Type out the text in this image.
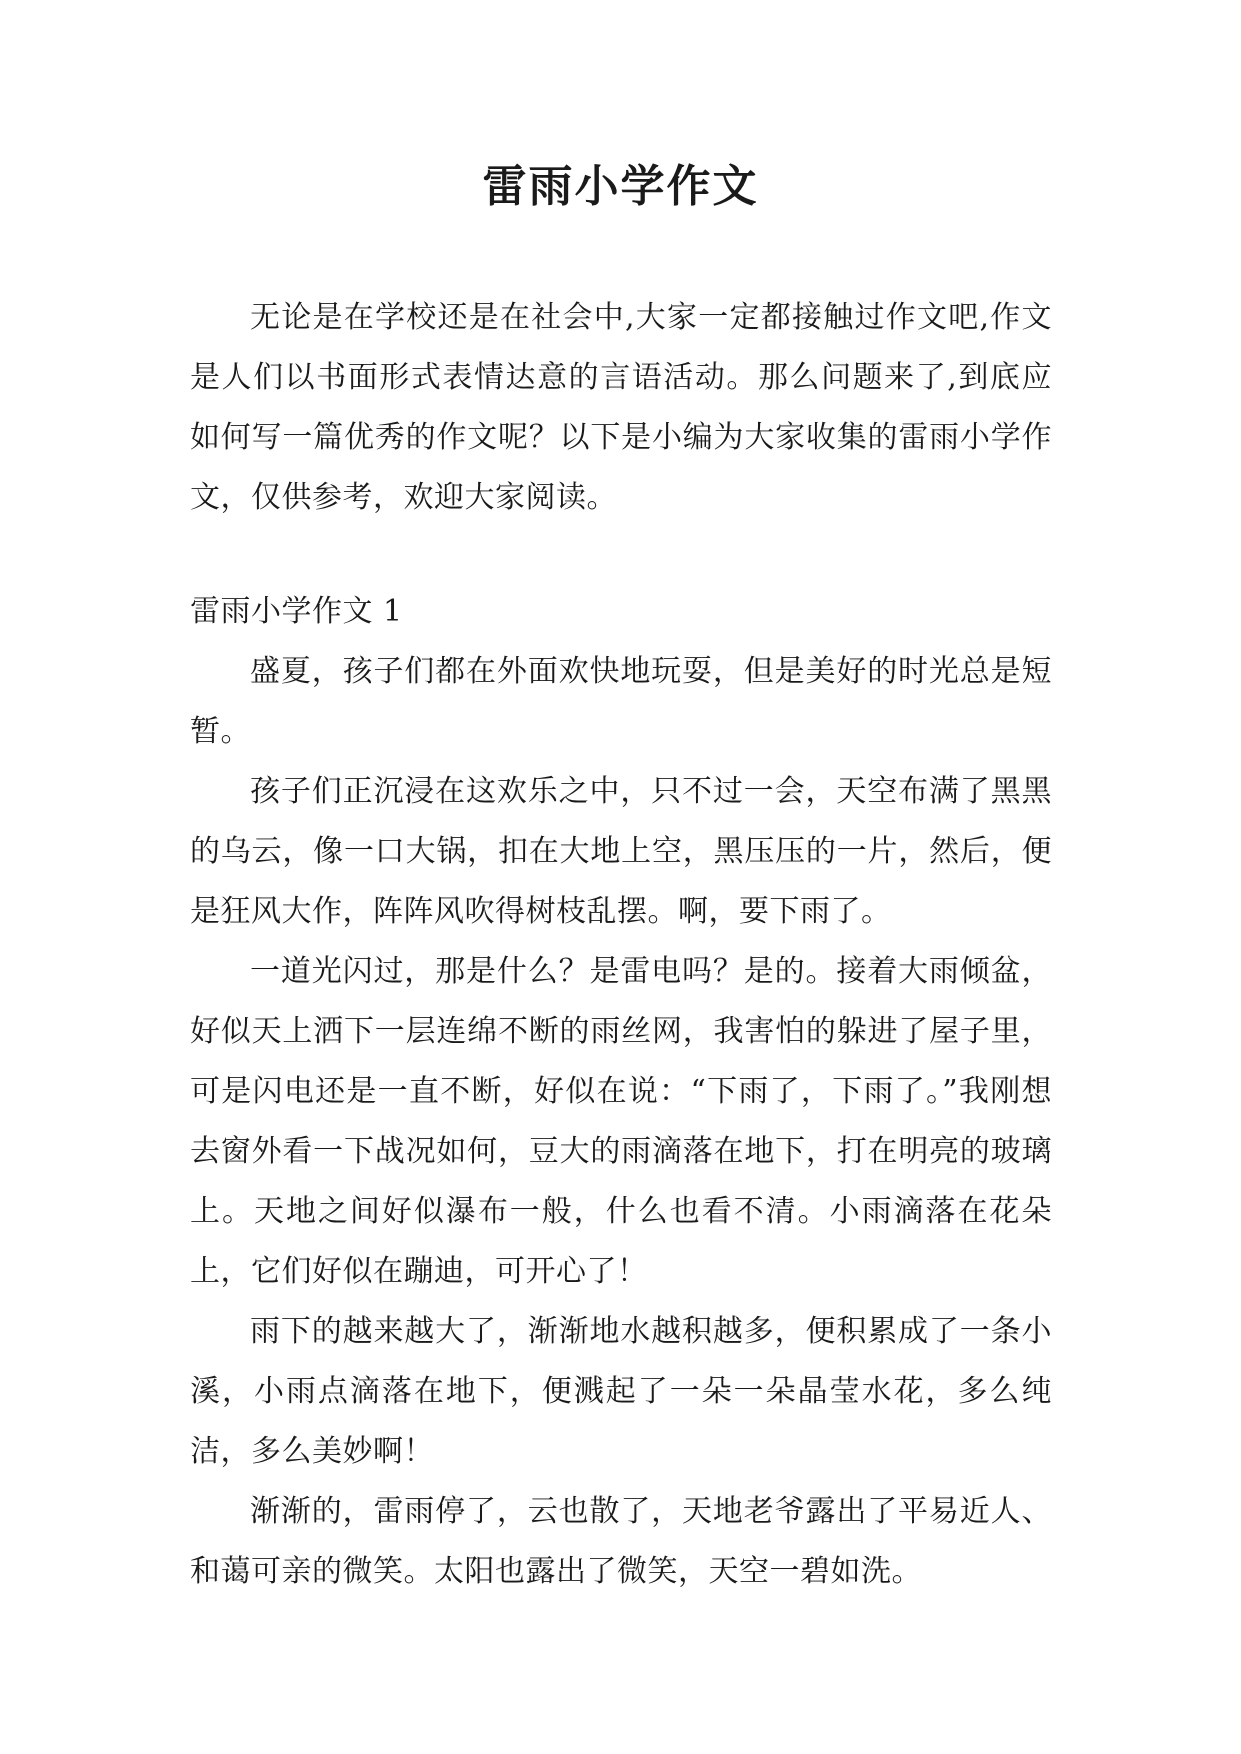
雷雨小学作文

无论是在学校还是在社会中,大家一定都接触过作文吧,作文是人们以书面形式表情达意的言语活动。那么问题来了,到底应如何写一篇优秀的作文呢？以下是小编为大家收集的雷雨小学作文，仅供参考，欢迎大家阅读。

雷雨小学作文 1

盛夏，孩子们都在外面欢快地玩耍，但是美好的时光总是短暂。

孩子们正沉浸在这欢乐之中，只不过一会，天空布满了黑黑的乌云，像一口大锅，扣在大地上空，黑压压的一片，然后，便是狂风大作，阵阵风吹得树枝乱摆。啊，要下雨了。

一道光闪过，那是什么？是雷电吗？是的。接着大雨倾盆，好似天上洒下一层连绵不断的雨丝网，我害怕的躲进了屋子里，可是闪电还是一直不断，好似在说：“下雨了，下雨了。”我刚想去窗外看一下战况如何，豆大的雨滴落在地下，打在明亮的玻璃上。天地之间好似瀑布一般，什么也看不清。小雨滴落在花朵上，它们好似在蹦迪，可开心了！

雨下的越来越大了，渐渐地水越积越多，便积累成了一条小溪，小雨点滴落在地下，便溅起了一朵一朵晶莹水花，多么纯洁，多么美妙啊！

渐渐的，雷雨停了，云也散了，天地老爷露出了平易近人、和蔼可亲的微笑。太阳也露出了微笑，天空一碧如洗。
